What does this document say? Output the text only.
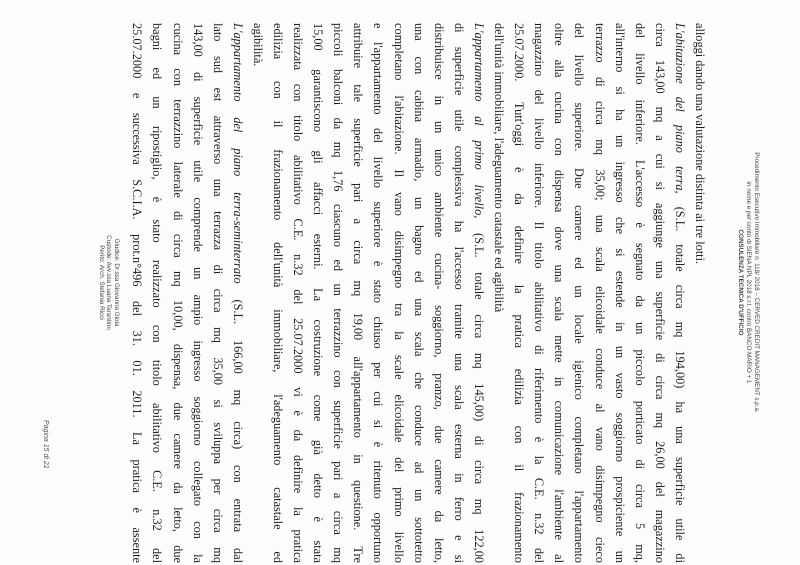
Procedimento Esecutivo Immobiliare n. 118/ 2018 – CERVED CREDIT MANAGEMENT s.p.a.
in nome e per conto di SIENA NPL 2018 s.r.l. contro BANCO MARIO + 1
CONSULENZA TECNICA D'UFFICIO
alloggi dando una valutazione distinta ai tre lotti.
L'abitazione del piano terra, (S.L. totale circa mq 194,00) ha una superficie utile di
circa 143,00 mq a cui si aggiunge una superficie di circa mq 26,00 del magazzino
del livello inferiore. L'accesso è segnato da un piccolo porticato di circa 5 mq,
all'interno si ha un ingresso che si estende in un vasto soggiorno prospiciente un
terrazzo di circa mq 35,00; una scala elicoidale conduce al vano disimpegno cieco
del livello superiore. Due camere ed un locale igienico completano l'appartamento
oltre alla cucina con dispensa dove una scala mette in comunicazione l'ambiente al
magazzino del livello inferiore. Il titolo abilitativo di riferimento è la C.E. n.32 del
25.07.2000. Tutt'oggi è da definire la pratica edilizia con il frazionamento
dell'unità immobiliare, l'adeguamento catastale ed agibilità
L'appartamento al primo livello, (S.L. totale circa mq 145,00) di circa mq 122,00
di superficie utile complessiva ha l'accesso tramite una scala esterna in ferro e si
distribuisce in un unico ambiente cucina- soggiorno, pranzo, due camere da letto,
una con cabina armadio, un bagno ed una scala che conduce ad un sottotetto
completano l'abitazione. Il vano disimpegno tra la scale elicoidale del primo livello
e l'appartamento del livello superiore è stato chiuso per cui si è ritenuto opportuno
attribuire tale superficie pari a circa mq 19,00 all'appartamento in questione. Tre
piccoli balconi da mq 1,76 ciascuno ed un terrazzino con superficie pari a circa mq
15,00 garantiscono gli affacci esterni. La costruzione come già detto è stata
realizzata con titolo abilitativo C.E. n.32 del 25.07.2000 vi è da definire la pratica
edilizia con il frazionamento dell'unità immobiliare, l'adeguamento catastale ed
agibilità.
L'appartamento del piano terra-seminterrato (S.L. 166,00 mq circa) con entrata dal
lato sud est attraverso una terrazza di circa mq 35,00 si sviluppa per circa mq
143,00 di superficie utile comprende un ampio ingresso soggiorno collegato con la
cucina con terrazzino laterale di circa mq 10,00, dispensa, due camere da letto, due
bagni ed un ripostiglio, è stato realizzato con titolo abilitativo C.E. n.32 del
25.07.2000 e successiva S.C.I.A. prot.n°496 del 31. 01. 2011. La pratica è assente
Giudice: Dr.ssa Giovanna Gioia
Custode: Avv.ssa Luana Tarantino
Perito: Arch. Stefania Ricci
Pagina 15 di 21
